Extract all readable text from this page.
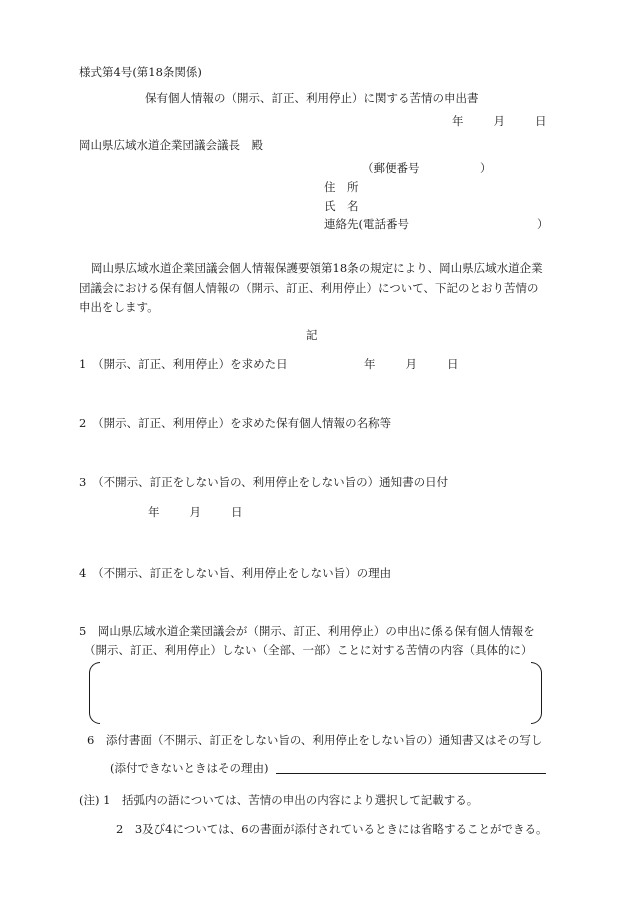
様式第4号(第18条関係)
保有個人情報の（開示、訂正、利用停止）に関する苦情の申出書
年	月	日
岡山県広域水道企業団議会議長　殿
（郵便番号	）
住　所
氏　名
連絡先(電話番号	）
岡山県広域水道企業団議会個人情報保護要領第18条の規定により、岡山県広域水道企業
団議会における保有個人情報の（開示、訂正、利用停止）について、下記のとおり苦情の
申出をします。
記
1　（開示、訂正、利用停止）を求めた日	年	月	日
2　（開示、訂正、利用停止）を求めた保有個人情報の名称等
3　（不開示、訂正をしない旨の、利用停止をしない旨の）通知書の日付
年	月	日
4　（不開示、訂正をしない旨、利用停止をしない旨）の理由
5　岡山県広域水道企業団議会が（開示、訂正、利用停止）の申出に係る保有個人情報を
（開示、訂正、利用停止）しない（全部、一部）ことに対する苦情の内容（具体的に）
6　添付書面（不開示、訂正をしない旨の、利用停止をしない旨の）通知書又はその写し
(添付できないときはその理由)
(注) 1　括弧内の語については、苦情の申出の内容により選択して記載する。
2　3及び4については、6の書面が添付されているときには省略することができる。
